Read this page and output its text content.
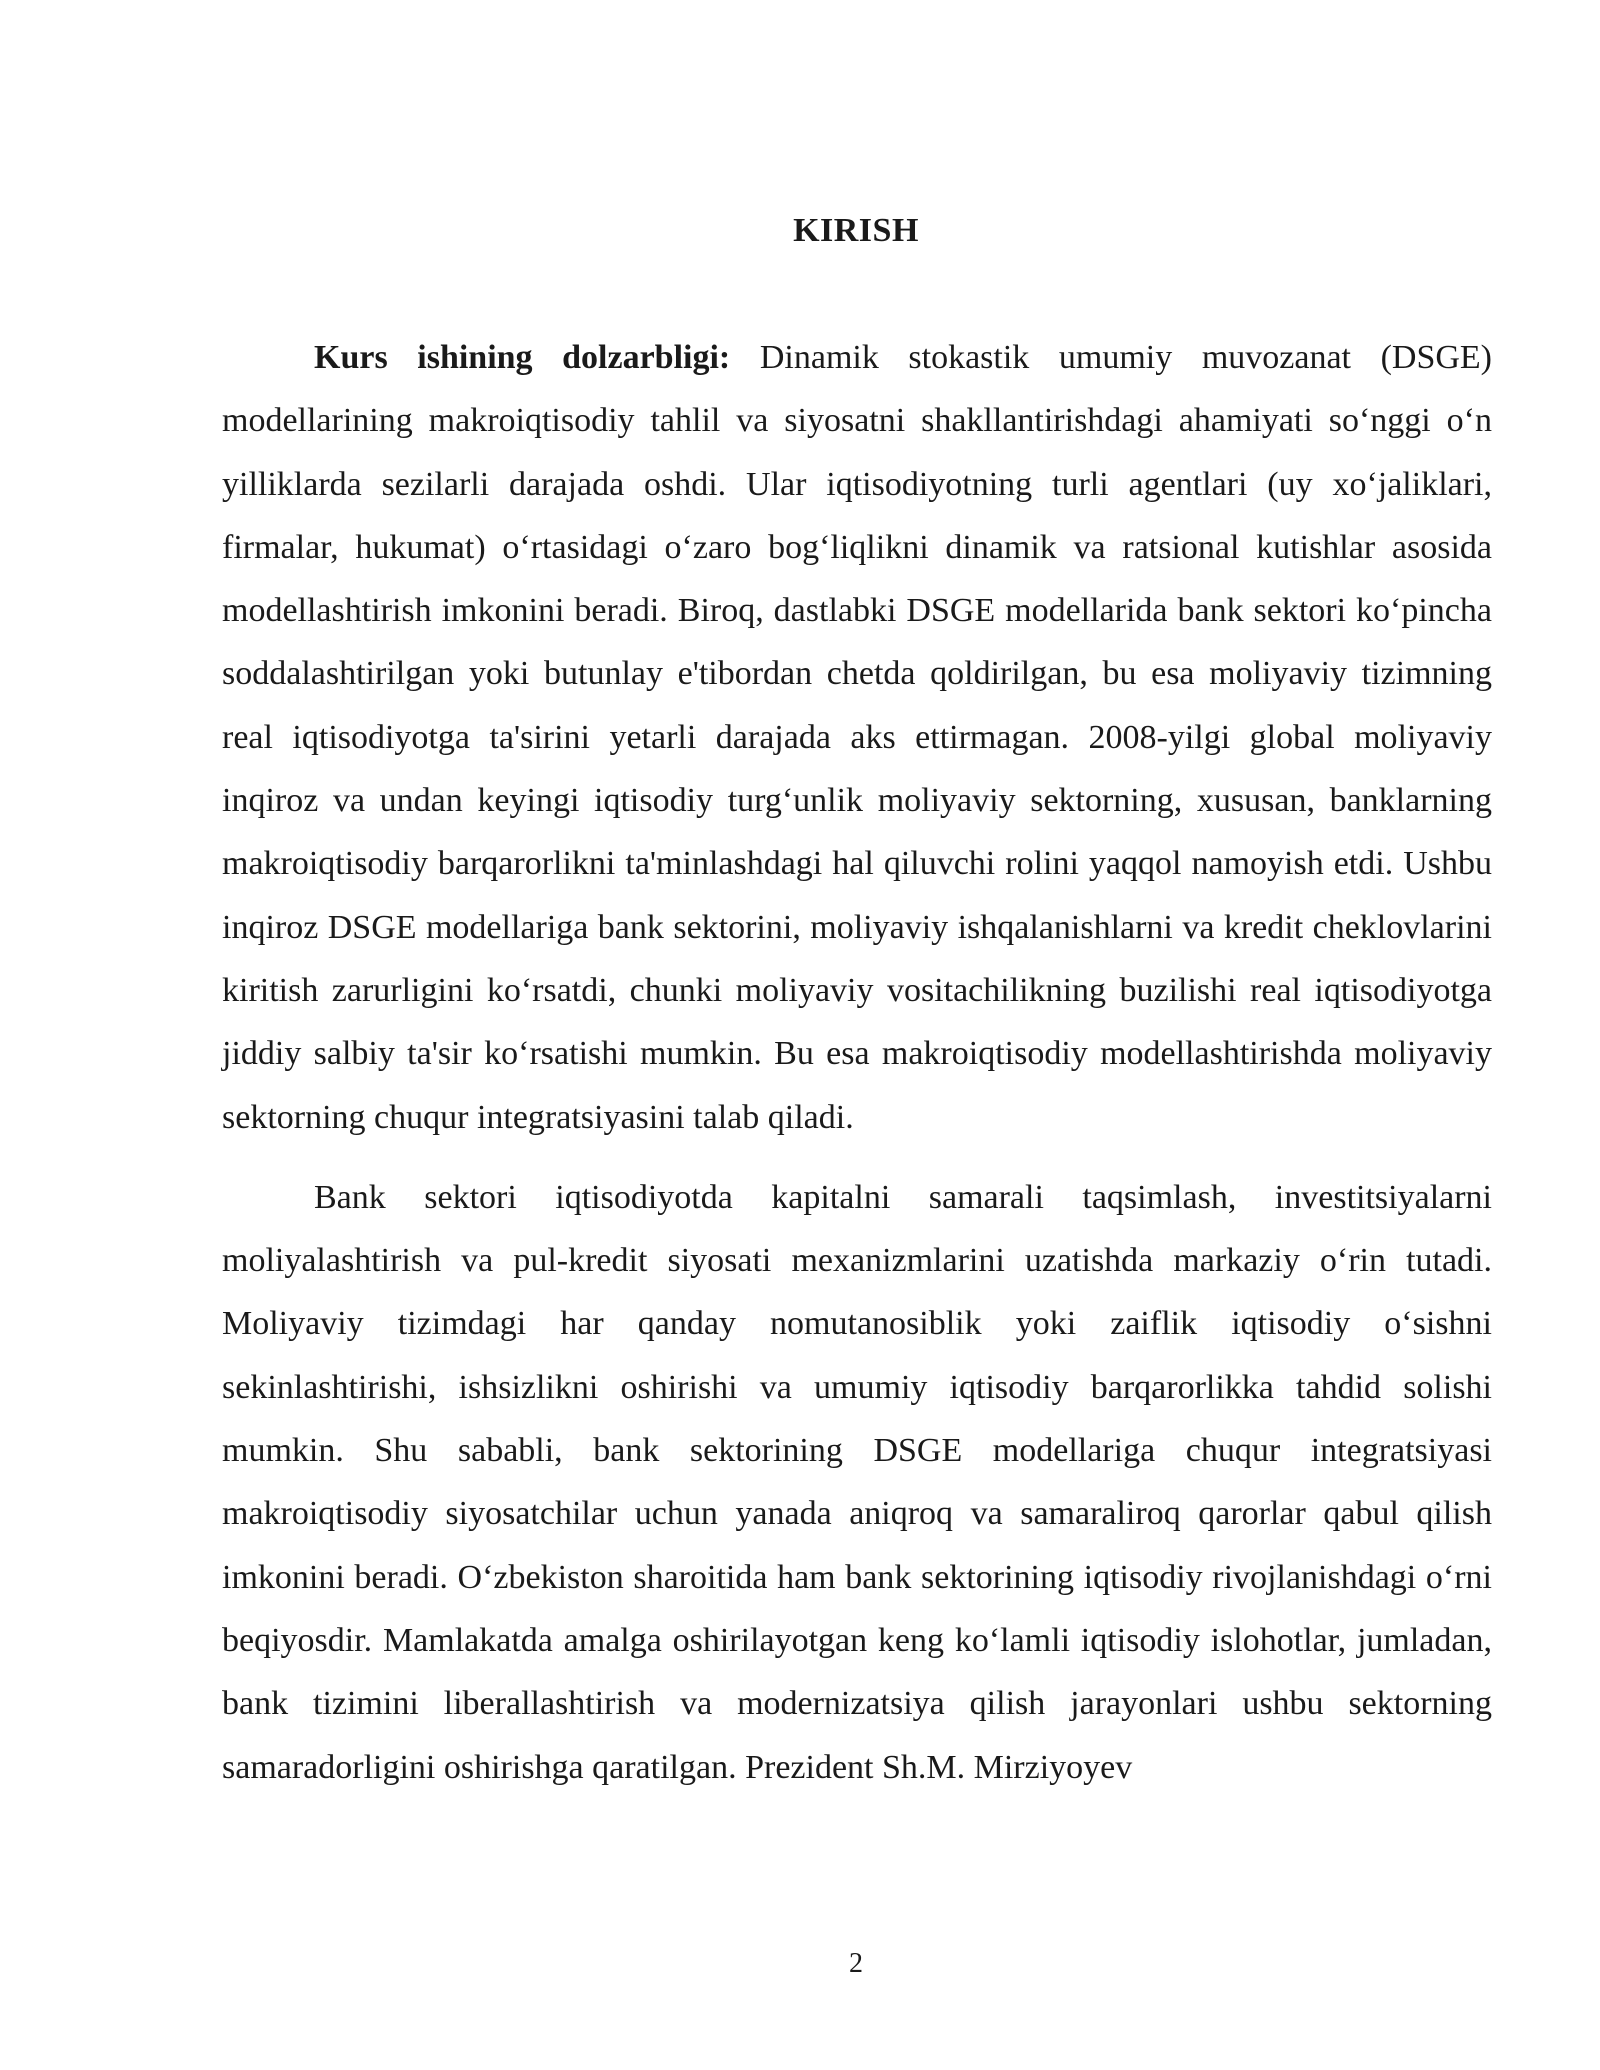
KIRISH

Kurs ishining dolzarbligi: Dinamik stokastik umumiy muvozanat (DSGE) modellarining makroiqtisodiy tahlil va siyosatni shakllantirishdagi ahamiyati so‘nggi o‘n yilliklarda sezilarli darajada oshdi. Ular iqtisodiyotning turli agentlari (uy xo‘jaliklari, firmalar, hukumat) o‘rtasidagi o‘zaro bog‘liqlikni dinamik va ratsional kutishlar asosida modellashtirish imkonini beradi. Biroq, dastlabki DSGE modellarida bank sektori ko‘pincha soddalashtirilgan yoki butunlay e'tibordan chetda qoldirilgan, bu esa moliyaviy tizimning real iqtisodiyotga ta'sirini yetarli darajada aks ettirmagan. 2008-yilgi global moliyaviy inqiroz va undan keyingi iqtisodiy turg‘unlik moliyaviy sektorning, xususan, banklarning makroiqtisodiy barqarorlikni ta'minlashdagi hal qiluvchi rolini yaqqol namoyish etdi. Ushbu inqiroz DSGE modellariga bank sektorini, moliyaviy ishqalanishlarni va kredit cheklovlarini kiritish zarurligini ko‘rsatdi, chunki moliyaviy vositachilikning buzilishi real iqtisodiyotga jiddiy salbiy ta'sir ko‘rsatishi mumkin. Bu esa makroiqtisodiy modellashtirishda moliyaviy sektorning chuqur integratsiyasini talab qiladi.

Bank sektori iqtisodiyotda kapitalni samarali taqsimlash, investitsiyalarni moliyalashtirish va pul-kredit siyosati mexanizmlarini uzatishda markaziy o‘rin tutadi. Moliyaviy tizimdagi har qanday nomutanosiblik yoki zaiflik iqtisodiy o‘sishni sekinlashtirishi, ishsizlikni oshirishi va umumiy iqtisodiy barqarorlikka tahdid solishi mumkin. Shu sababli, bank sektorining DSGE modellariga chuqur integratsiyasi makroiqtisodiy siyosatchilar uchun yanada aniqroq va samaraliroq qarorlar qabul qilish imkonini beradi. O‘zbekiston sharoitida ham bank sektorining iqtisodiy rivojlanishdagi o‘rni beqiyosdir. Mamlakatda amalga oshirilayotgan keng ko‘lamli iqtisodiy islohotlar, jumladan, bank tizimini liberallashtirish va modernizatsiya qilish jarayonlari ushbu sektorning samaradorligini oshirishga qaratilgan. Prezident Sh.M. Mirziyoyev

2
